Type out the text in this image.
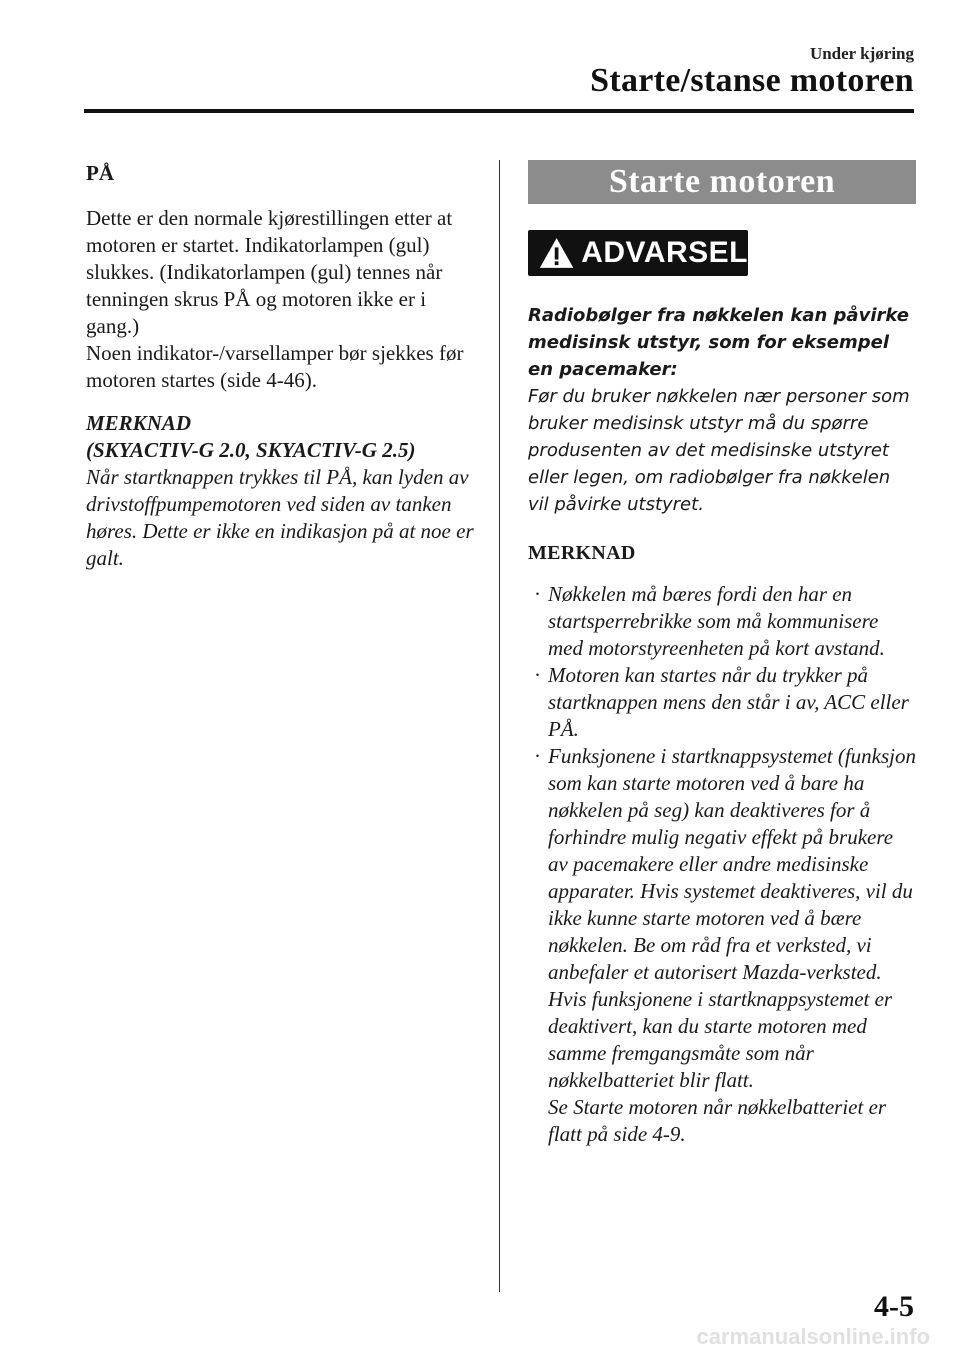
Under kjøring
Starte/stanse motoren
PÅ

Dette er den normale kjørestillingen etter at motoren er startet. Indikatorlampen (gul) slukkes. (Indikatorlampen (gul) tennes når tenningen skrus PÅ og motoren ikke er i gang.)

Noen indikator-/varsellamper bør sjekkes før motoren startes (side 4-46).

MERKNAD
(SKYACTIV-G 2.0, SKYACTIV-G 2.5)

Når startknappen trykkes til PÅ, kan lyden av drivstoffpumpemotoren ved siden av tanken høres. Dette er ikke en indikasjon på at noe er galt.

Starte motoren
ADVARSEL
Radiobølger fra nøkkelen kan påvirke medisinsk utstyr, som for eksempel en pacemaker:
Før du bruker nøkkelen nær personer som bruker medisinsk utstyr må du spørre produsenten av det medisinske utstyret eller legen, om radiobølger fra nøkkelen vil påvirke utstyret.
MERKNAD
· Nøkkelen må bæres fordi den har en startsperrebrikke som må kommunisere med motorstyreenheten på kort avstand.
· Motoren kan startes når du trykker på startknappen mens den står i av, ACC eller PÅ.
· Funksjonene i startknappsystemet (funksjon som kan starte motoren ved å bare ha nøkkelen på seg) kan deaktiveres for å forhindre mulig negativ effekt på brukere av pacemakere eller andre medisinske apparater. Hvis systemet deaktiveres, vil du ikke kunne starte motoren ved å bære nøkkelen. Be om råd fra et verksted, vi anbefaler et autorisert Mazda-verksted. Hvis funksjonene i startknappsystemet er deaktivert, kan du starte motoren med samme fremgangsmåte som når nøkkelbatteriet blir flatt.
Se Starte motoren når nøkkelbatteriet er flatt på side 4-9.
4-5
carmanualsonline.info
